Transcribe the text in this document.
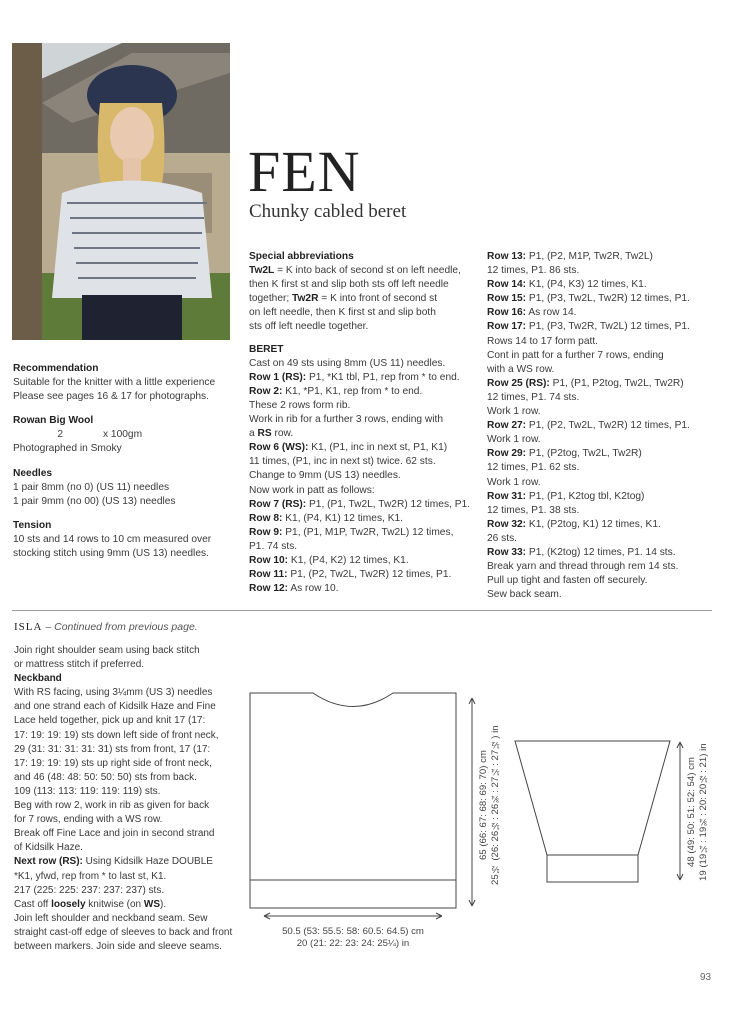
FEN
Chunky cabled beret

Recommendation

Suitable for the knitter with a little experience

Please see pages 16 & 17 for photographs.

Rowan Big Wool

2	x 100gm

Photographed in Smoky

Needles

1 pair 8mm (no 0) (US 11) needles

1 pair 9mm (no 00) (US 13) needles

Tension

10 sts and 14 rows to 10 cm measured over

stocking stitch using 9mm (US 13) needles.

Special abbreviations

Tw2L = K into back of second st on left needle,

then K first st and slip both sts off left needle

together; Tw2R = K into front of second st

on left needle, then K first st and slip both

sts off left needle together.

BERET

Cast on 49 sts using 8mm (US 11) needles.

Row 1 (RS): P1, *K1 tbl, P1, rep from * to end.

Row 2: K1, *P1, K1, rep from * to end.

These 2 rows form rib.

Work in rib for a further 3 rows, ending with

a RS row.

Row 6 (WS): K1, (P1, inc in next st, P1, K1)

11 times, (P1, inc in next st) twice. 62 sts.

Change to 9mm (US 13) needles.

Now work in patt as follows:

Row 7 (RS): P1, (P1, Tw2L, Tw2R) 12 times, P1.

Row 8: K1, (P4, K1) 12 times, K1.

Row 9: P1, (P1, M1P, Tw2R, Tw2L) 12 times,

P1. 74 sts.

Row 10: K1, (P4, K2) 12 times, K1.

Row 11: P1, (P2, Tw2L, Tw2R) 12 times, P1.

Row 12: As row 10.

Row 13: P1, (P2, M1P, Tw2R, Tw2L)

12 times, P1. 86 sts.

Row 14: K1, (P4, K3) 12 times, K1.

Row 15: P1, (P3, Tw2L, Tw2R) 12 times, P1.

Row 16: As row 14.

Row 17: P1, (P3, Tw2R, Tw2L) 12 times, P1.

Rows 14 to 17 form patt.

Cont in patt for a further 7 rows, ending

with a WS row.

Row 25 (RS): P1, (P1, P2tog, Tw2L, Tw2R)

12 times, P1. 74 sts.

Work 1 row.

Row 27: P1, (P2, Tw2L, Tw2R) 12 times, P1.

Work 1 row.

Row 29: P1, (P2tog, Tw2L, Tw2R)

12 times, P1. 62 sts.

Work 1 row.

Row 31: P1, (P1, K2tog tbl, K2tog)

12 times, P1. 38 sts.

Row 32: K1, (P2tog, K1) 12 times, K1.

26 sts.

Row 33: P1, (K2tog) 12 times, P1. 14 sts.

Break yarn and thread through rem 14 sts.

Pull up tight and fasten off securely.

Sew back seam.

ISLA – Continued from previous page.

Join right shoulder seam using back stitch

or mattress stitch if preferred.

Neckband

With RS facing, using 3¼mm (US 3) needles

and one strand each of Kidsilk Haze and Fine

Lace held together, pick up and knit 17 (17:

17: 19: 19: 19) sts down left side of front neck,

29 (31: 31: 31: 31: 31) sts from front, 17 (17:

17: 19: 19: 19) sts up right side of front neck,

and 46 (48: 48: 50: 50: 50) sts from back.

109 (113: 113: 119: 119: 119) sts.

Beg with row 2, work in rib as given for back

for 7 rows, ending with a WS row.

Break off Fine Lace and join in second strand

of Kidsilk Haze.

Next row (RS): Using Kidsilk Haze DOUBLE

*K1, yfwd, rep from * to last st, K1.

217 (225: 225: 237: 237: 237) sts.

Cast off loosely knitwise (on WS).

Join left shoulder and neckband seam. Sew

straight cast-off edge of sleeves to back and front

between markers. Join side and sleeve seams.

50.5 (53: 55.5: 58: 60.5: 64.5) cm
20 (21: 22: 23: 24: 25¼) in
65 (66: 67: 68: 69: 70) cm
25½ (26: 26½: 26¾: 27¼: 27½) in	48 (49: 50: 51: 52: 54) cm
19 (19¼: 19¾: 20: 20½: 21) in
93
